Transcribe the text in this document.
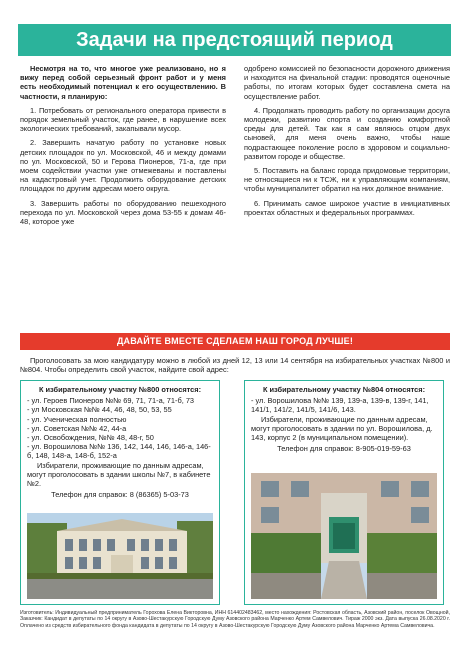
Задачи на предстоящий период

Несмотря на то, что многое уже реализовано, но я вижу перед собой серьезный фронт работ и у меня есть необходимый потенциал к его осуществлению. В частности, я планирую:

1. Потребовать от регионального оператора привести в порядок земельный участок, где ранее, в нарушение всех экологических требований, закапывали мусор.

2. Завершить начатую работу по установке новых детских площадок по ул. Московской, 46 и между домами по ул. Московской, 50 и Герова Пионеров, 71-а, где при моем содействии участки уже отмежеваны и поставлены на кадастровый учет. Продолжить оборудование детских площадок по другим адресам моего округа.

3. Завершить работы по оборудованию пешеходного перехода по ул. Московской через дома 53-55 к домам 46-48, которое уже

одобрено комиссией по безопасности дорожного движения и находится на финальной стадии: проводятся оценочные работы, по итогам которых будет составлена смета на осуществление работ.

4. Продолжать проводить работу по организации досуга молодежи, развитию спорта и созданию комфортной среды для детей. Так как я сам являюсь отцом двух сыновей, для меня очень важно, чтобы наше подрастающее поколение росло в здоровом и социально-развитом городе и обществе.

5. Поставить на баланс города придомовые территории, не относящиеся ни к ТСЖ, ни к управляющим компаниям, чтобы муниципалитет обратил на них должное внимание.

6. Принимать самое широкое участие в инициативных проектах областных и федеральных программах.

ДАВАЙТЕ ВМЕСТЕ СДЕЛАЕМ НАШ ГОРОД ЛУЧШЕ!
Проголосовать за мою кандидатуру можно в любой из дней 12, 13 или 14 сентября на избирательных участках №800 и №804. Чтобы определить свой участок, найдите свой адрес:
К избирательному участку №800 относятся:

- ул. Героев Пионеров №№ 69, 71, 71-а, 71-б, 73

- ул Московская №№ 44, 46, 48, 50, 53, 55

- ул. Ученическая полностью

- ул. Советская №№ 42, 44-а

- ул. Освобождения, №№ 48, 48-г, 50

- ул. Ворошилова №№ 136, 142, 144, 146, 146-а, 146-б, 148, 148-а, 148-б, 152-а

Избиратели, проживающие по данным адресам, могут проголосовать в здании школы №7, в кабинете №2.

Телефон для справок: 8 (86365) 5-03-73
К избирательному участку №804 относятся:

- ул. Ворошилова №№ 139, 139-а, 139-в, 139-г, 141, 141/1, 141/2, 141/5, 141/6, 143.

Избиратели, проживающие по данным адресам, могут проголосовать в здании по ул. Ворошилова, д. 143, корпус 2 (в муниципальном помещении).

Телефон для справок: 8-905-019-59-63
Изготовитель: Индивидуальный предприниматель Горохова Елена Викторовна, ИНН 614402483462, место нахождения: Ростовская область, Азовский район, поселок Овощной, Заказчик: Кандидат в депутаты по 14 округу в Азово-Шестакурскую Городскую Думу Азовского района Марченко Артем Самвелович. Тираж 2000 экз. Дата выпуска 26.08.2020 г. Оплачено из средств избирательного фонда кандидата в депутаты по 14 округу в Азово-Шестакурскую Городскую Думу Азовского района Марченко Артема Самвеловича.
